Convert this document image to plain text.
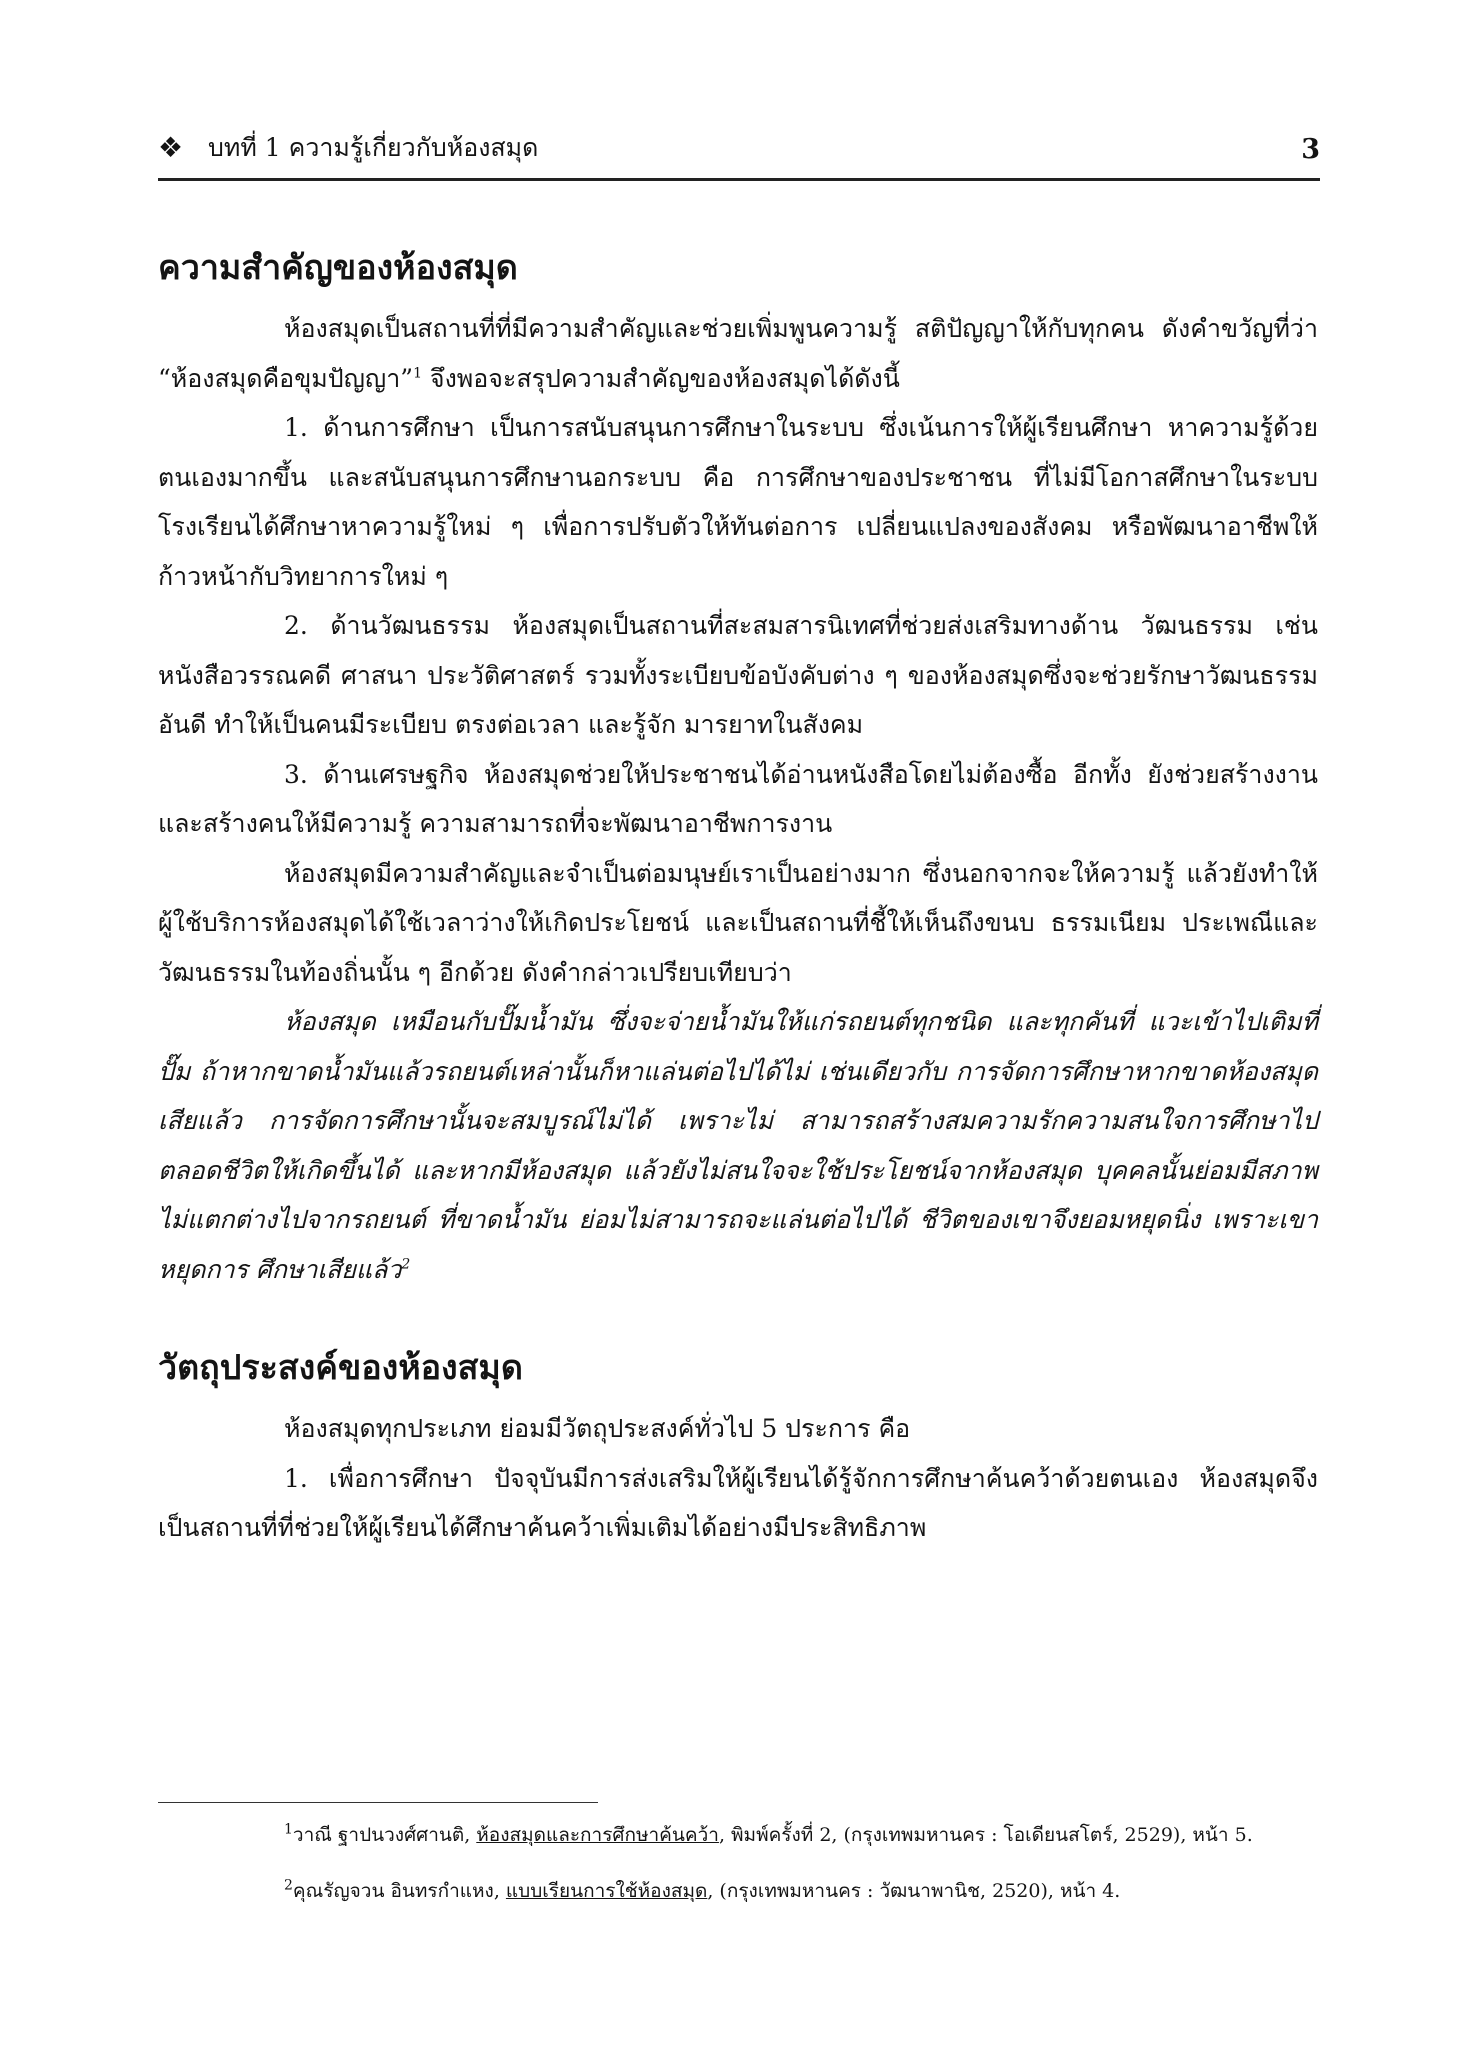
❖ บทที่ 1 ความรู้เกี่ยวกับห้องสมุด	3
ความสำคัญของห้องสมุด

ห้องสมุดเป็นสถานที่ที่มีความสำคัญและช่วยเพิ่มพูนความรู้ สติปัญญาให้กับทุกคน ดังคำขวัญที่ว่า “ห้องสมุดคือขุมปัญญา”$^1$ จึงพอจะสรุปความสำคัญของห้องสมุดได้ดังนี้

1. ด้านการศึกษา เป็นการสนับสนุนการศึกษาในระบบ ซึ่งเน้นการให้ผู้เรียนศึกษา หาความรู้ด้วยตนเองมากขึ้น และสนับสนุนการศึกษานอกระบบ คือ การศึกษาของประชาชน ที่ไม่มีโอกาสศึกษาในระบบโรงเรียนได้ศึกษาหาความรู้ใหม่ ๆ เพื่อการปรับตัวให้ทันต่อการ เปลี่ยนแปลงของสังคม หรือพัฒนาอาชีพให้ก้าวหน้ากับวิทยาการใหม่ ๆ

2. ด้านวัฒนธรรม ห้องสมุดเป็นสถานที่สะสมสารนิเทศที่ช่วยส่งเสริมทางด้าน วัฒนธรรม เช่น หนังสือวรรณคดี ศาสนา ประวัติศาสตร์ รวมทั้งระเบียบข้อบังคับต่าง ๆ ของห้องสมุดซึ่งจะช่วยรักษาวัฒนธรรมอันดี ทำให้เป็นคนมีระเบียบ ตรงต่อเวลา และรู้จัก มารยาทในสังคม

3. ด้านเศรษฐกิจ ห้องสมุดช่วยให้ประชาชนได้อ่านหนังสือโดยไม่ต้องซื้อ อีกทั้ง ยังช่วยสร้างงานและสร้างคนให้มีความรู้ ความสามารถที่จะพัฒนาอาชีพการงาน

ห้องสมุดมีความสำคัญและจำเป็นต่อมนุษย์เราเป็นอย่างมาก ซึ่งนอกจากจะให้ความรู้ แล้วยังทำให้ผู้ใช้บริการห้องสมุดได้ใช้เวลาว่างให้เกิดประโยชน์ และเป็นสถานที่ชี้ให้เห็นถึงขนบ ธรรมเนียม ประเพณีและวัฒนธรรมในท้องถิ่นนั้น ๆ อีกด้วย ดังคำกล่าวเปรียบเทียบว่า

ห้องสมุด เหมือนกับปั๊มน้ำมัน ซึ่งจะจ่ายน้ำมันให้แก่รถยนต์ทุกชนิด และทุกคันที่ แวะเข้าไปเติมที่ปั๊ม ถ้าหากขาดน้ำมันแล้วรถยนต์เหล่านั้นก็หาแล่นต่อไปได้ไม่ เช่นเดียวกับ การจัดการศึกษาหากขาดห้องสมุดเสียแล้ว การจัดการศึกษานั้นจะสมบูรณ์ไม่ได้ เพราะไม่ สามารถสร้างสมความรักความสนใจการศึกษาไปตลอดชีวิตให้เกิดขึ้นได้ และหากมีห้องสมุด แล้วยังไม่สนใจจะใช้ประโยชน์จากห้องสมุด บุคคลนั้นย่อมมีสภาพไม่แตกต่างไปจากรถยนต์ ที่ขาดน้ำมัน ย่อมไม่สามารถจะแล่นต่อไปได้ ชีวิตของเขาจึงยอมหยุดนิ่ง เพราะเขาหยุดการ ศึกษาเสียแล้ว$^2$

วัตถุประสงค์ของห้องสมุด

ห้องสมุดทุกประเภท ย่อมมีวัตถุประสงค์ทั่วไป 5 ประการ คือ

1. เพื่อการศึกษา ปัจจุบันมีการส่งเสริมให้ผู้เรียนได้รู้จักการศึกษาค้นคว้าด้วยตนเอง ห้องสมุดจึงเป็นสถานที่ที่ช่วยให้ผู้เรียนได้ศึกษาค้นคว้าเพิ่มเติมได้อย่างมีประสิทธิภาพ

$^1$วาณี ฐาปนวงศ์ศานติ, ห้องสมุดและการศึกษาค้นคว้า, พิมพ์ครั้งที่ 2, (กรุงเทพมหานคร : โอเดียนสโตร์, 2529), หน้า 5.

$^2$คุณรัญจวน อินทรกำแหง, แบบเรียนการใช้ห้องสมุด, (กรุงเทพมหานคร : วัฒนาพานิช, 2520), หน้า 4.
